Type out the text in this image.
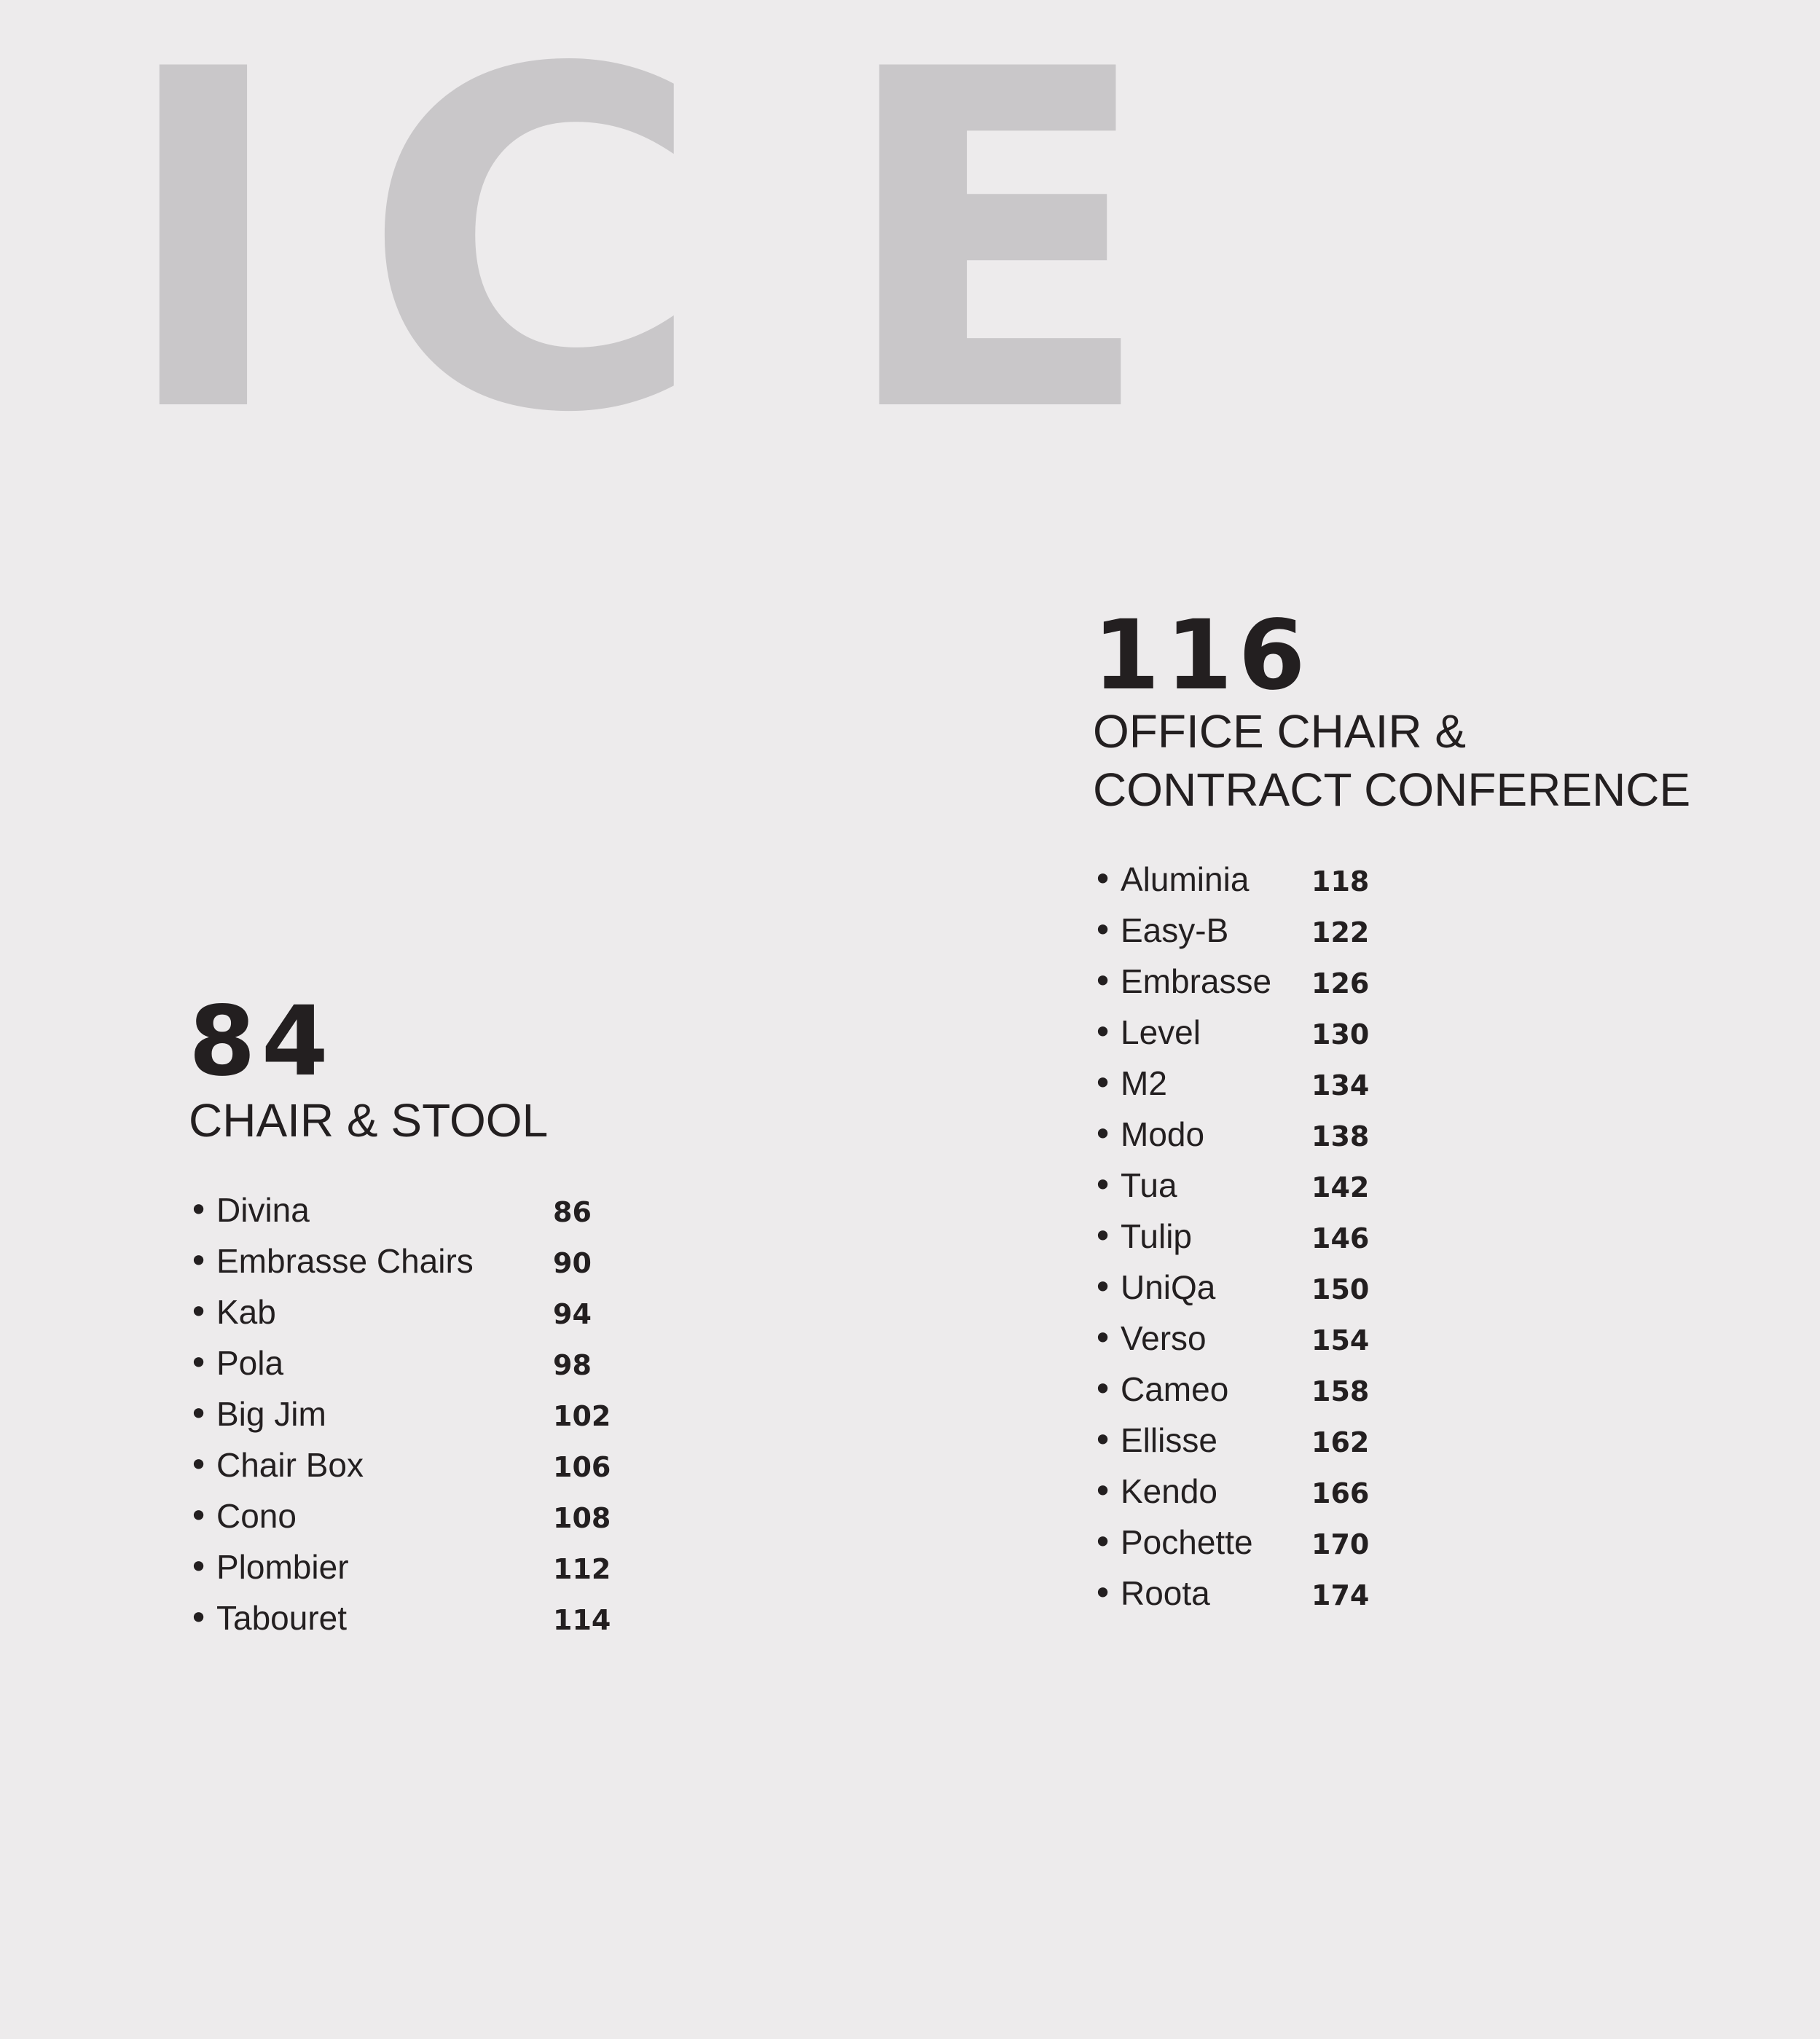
I C E
84
CHAIR & STOOL
• Divina	86
• Embrasse Chairs	90
• Kab	94
• Pola	98
• Big Jim	102
• Chair Box	106
• Cono	108
• Plombier	112
• Tabouret	114
116
OFFICE CHAIR &
CONTRACT CONFERENCE
• Aluminia	118
• Easy-B	122
• Embrasse	126
• Level	130
• M2	134
• Modo	138
• Tua	142
• Tulip	146
• UniQa	150
• Verso	154
• Cameo	158
• Ellisse	162
• Kendo	166
• Pochette	170
• Roota	174
